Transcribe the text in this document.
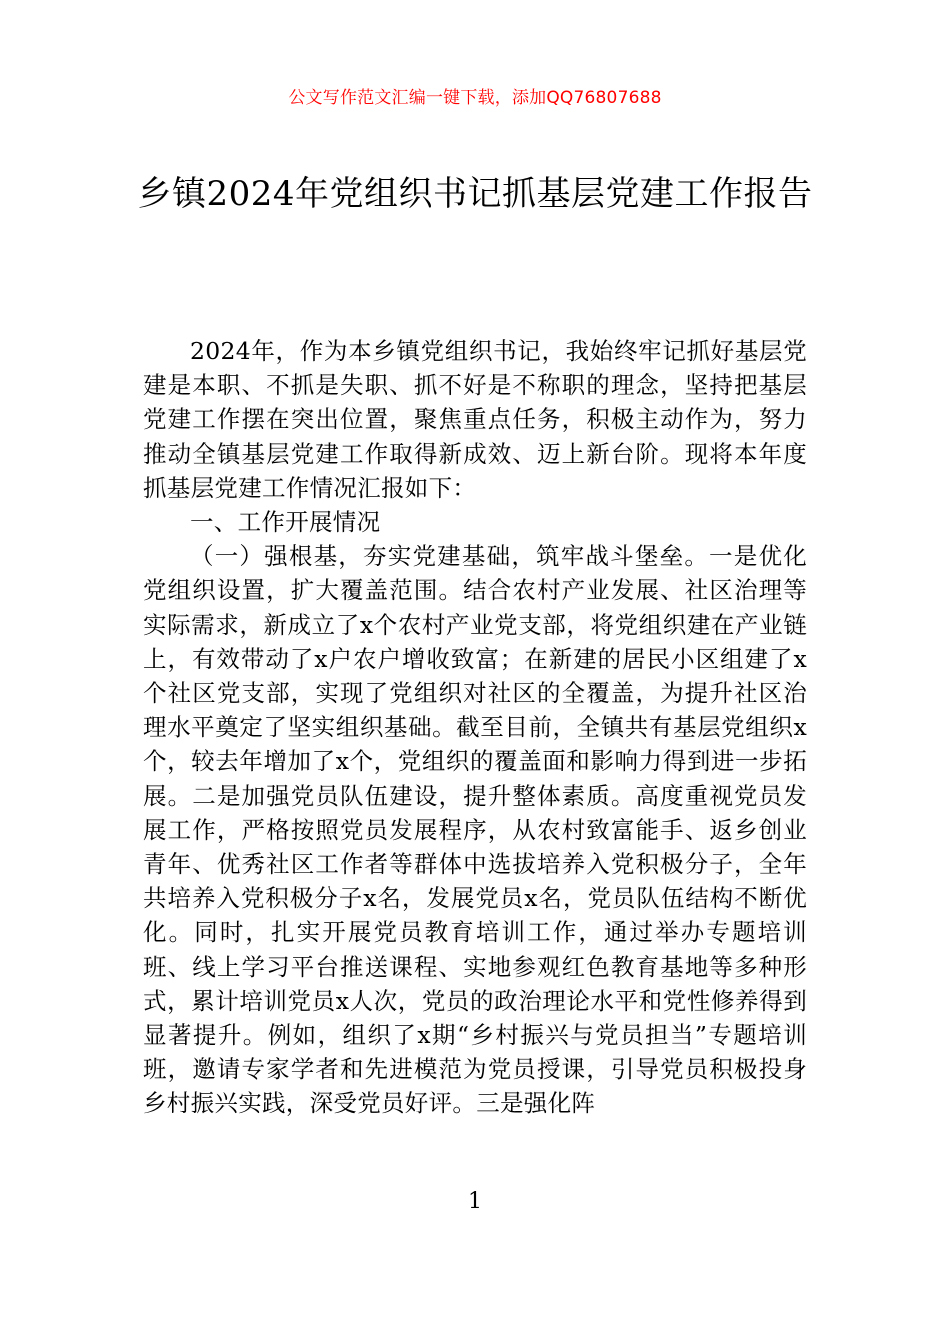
公文写作范文汇编一键下载，添加QQ76807688
乡镇2024年党组织书记抓基层党建工作报告

2024年，作为本乡镇党组织书记，我始终牢记抓好基层党建是本职、不抓是失职、抓不好是不称职的理念，坚持把基层党建工作摆在突出位置，聚焦重点任务，积极主动作为，努力推动全镇基层党建工作取得新成效、迈上新台阶。现将本年度抓基层党建工作情况汇报如下：

一、工作开展情况

（一）强根基，夯实党建基础，筑牢战斗堡垒。一是优化党组织设置，扩大覆盖范围。结合农村产业发展、社区治理等实际需求，新成立了x个农村产业党支部，将党组织建在产业链上，有效带动了x户农户增收致富；在新建的居民小区组建了x个社区党支部，实现了党组织对社区的全覆盖，为提升社区治理水平奠定了坚实组织基础。截至目前，全镇共有基层党组织x个，较去年增加了x个，党组织的覆盖面和影响力得到进一步拓展。二是加强党员队伍建设，提升整体素质。高度重视党员发展工作，严格按照党员发展程序，从农村致富能手、返乡创业青年、优秀社区工作者等群体中选拔培养入党积极分子，全年共培养入党积极分子x名，发展党员x名，党员队伍结构不断优化。同时，扎实开展党员教育培训工作，通过举办专题培训班、线上学习平台推送课程、实地参观红色教育基地等多种形式，累计培训党员x人次，党员的政治理论水平和党性修养得到显著提升。例如，组织了x期“乡村振兴与党员担当”专题培训班，邀请专家学者和先进模范为党员授课，引导党员积极投身乡村振兴实践，深受党员好评。三是强化阵

1
